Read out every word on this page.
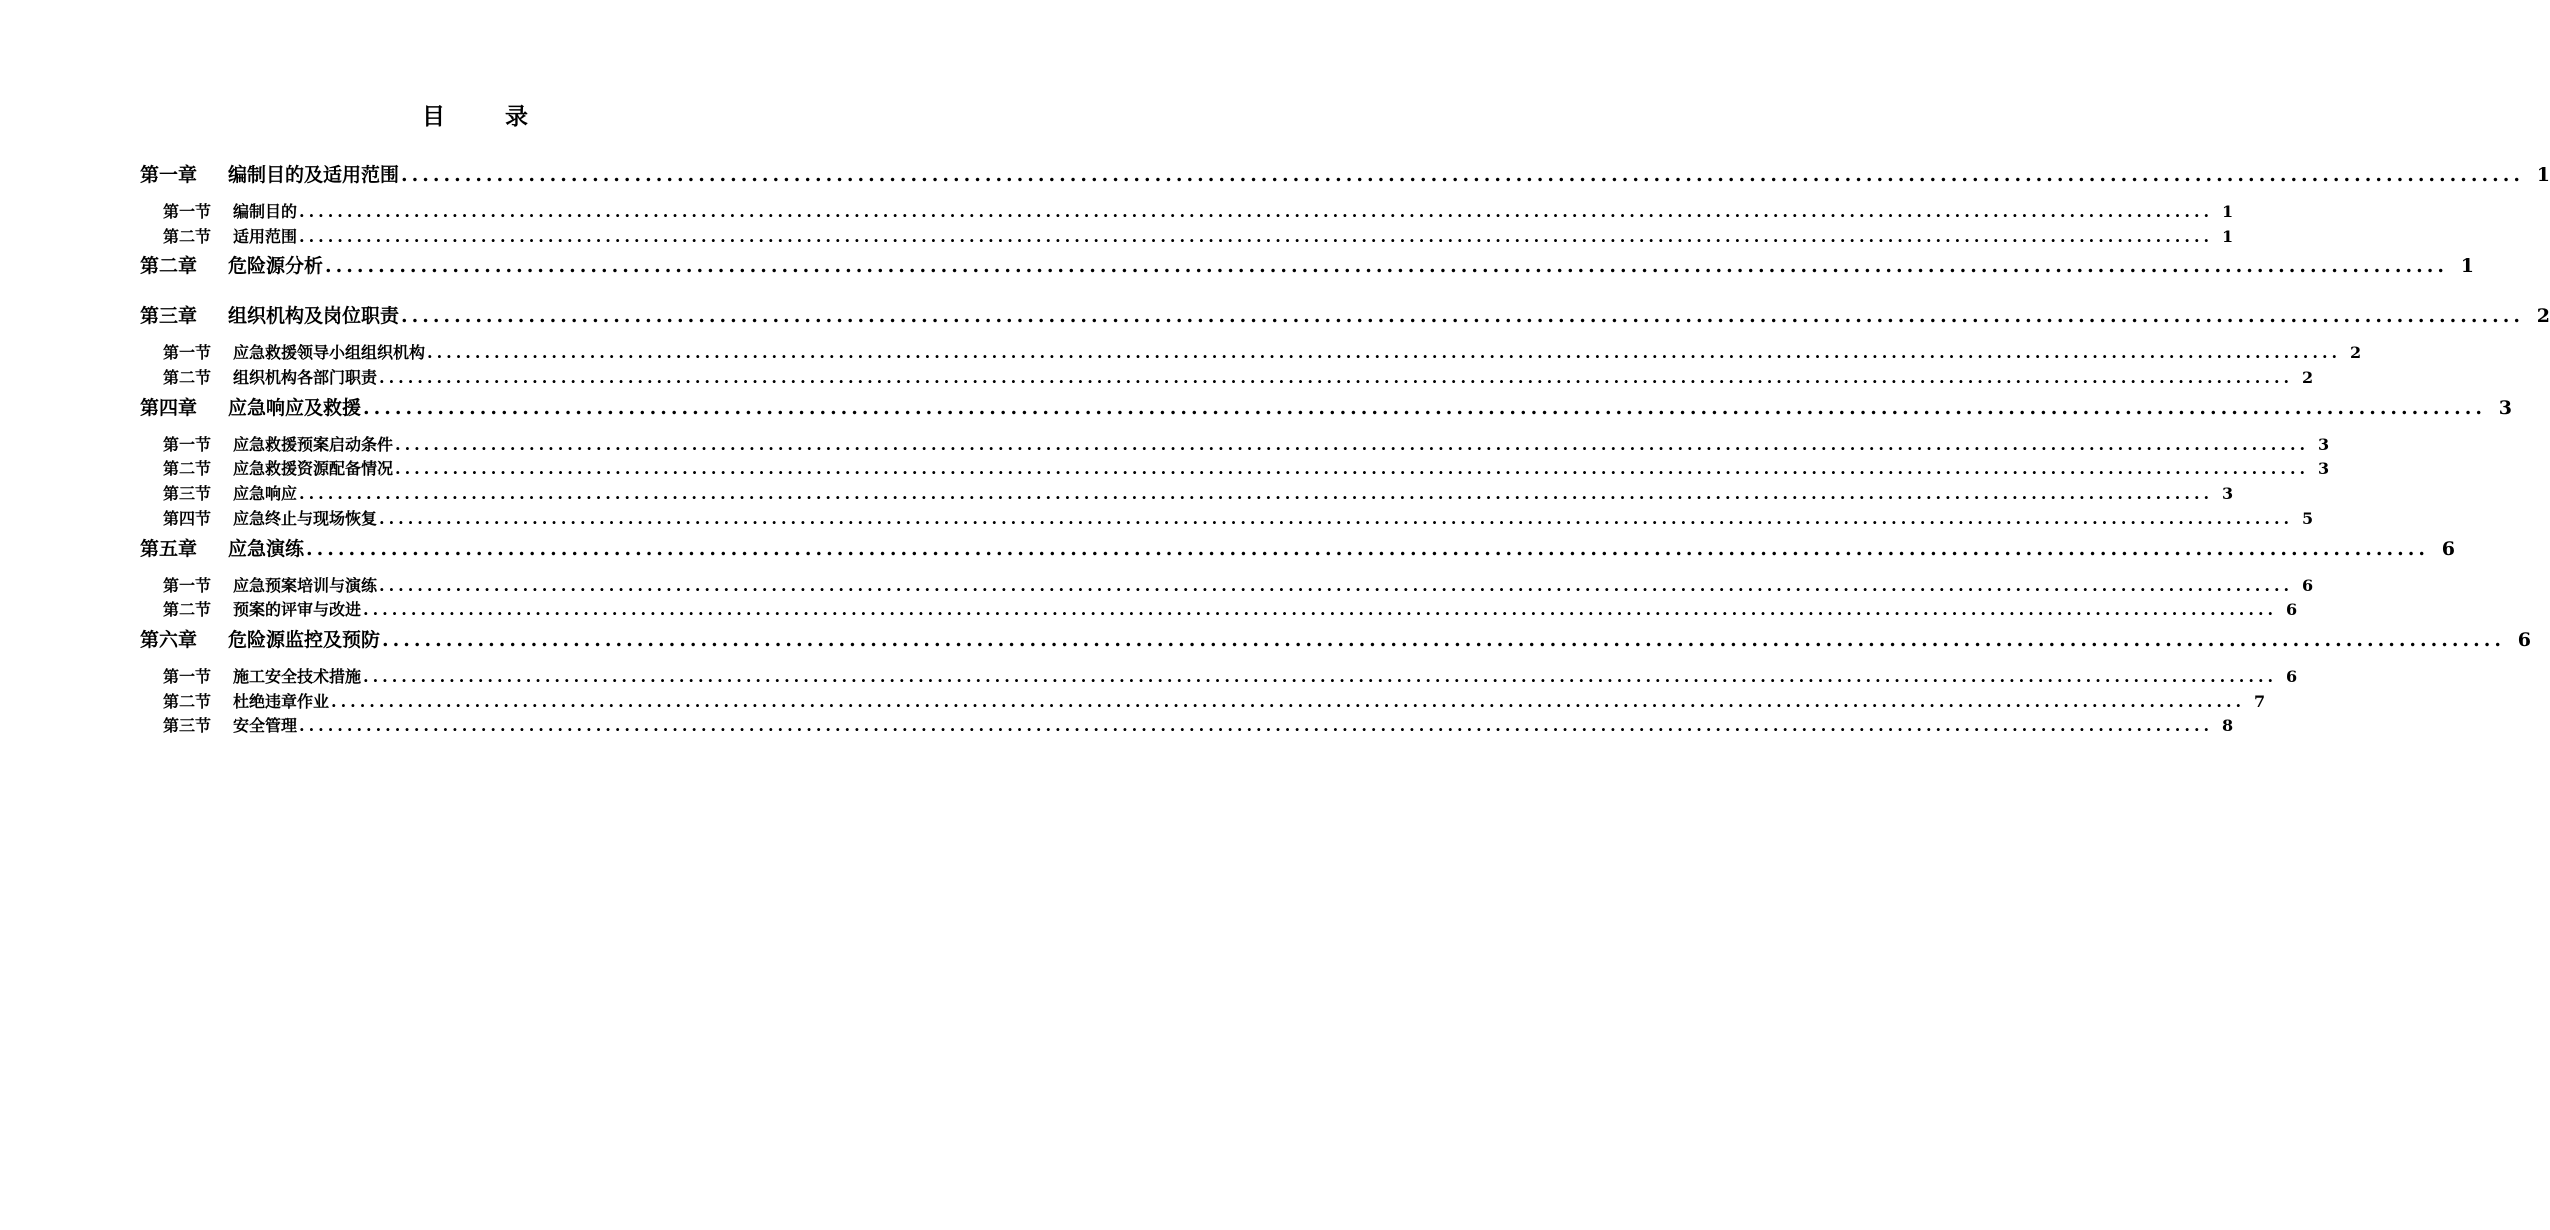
目 录
第一章	编制目的及适用范围 ........................................................................................................................................................................................................ 1
第一节	编制目的 ........................................................................................................................................................................................................ 1
第二节	适用范围 ........................................................................................................................................................................................................ 1
第二章	危险源分析 ........................................................................................................................................................................................................ 1
第三章	组织机构及岗位职责 ........................................................................................................................................................................................................ 2
第一节	应急救援领导小组组织机构 ........................................................................................................................................................................................................ 2
第二节	组织机构各部门职责 ........................................................................................................................................................................................................ 2
第四章	应急响应及救援 ........................................................................................................................................................................................................ 3
第一节	应急救援预案启动条件 ........................................................................................................................................................................................................ 3
第二节	应急救援资源配备情况 ........................................................................................................................................................................................................ 3
第三节	应急响应 ........................................................................................................................................................................................................ 3
第四节	应急终止与现场恢复 ........................................................................................................................................................................................................ 5
第五章	应急演练 ........................................................................................................................................................................................................ 6
第一节	应急预案培训与演练 ........................................................................................................................................................................................................ 6
第二节	预案的评审与改进 ........................................................................................................................................................................................................ 6
第六章	危险源监控及预防 ........................................................................................................................................................................................................ 6
第一节	施工安全技术措施 ........................................................................................................................................................................................................ 6
第二节	杜绝违章作业 ........................................................................................................................................................................................................ 7
第三节	安全管理 ........................................................................................................................................................................................................ 8
